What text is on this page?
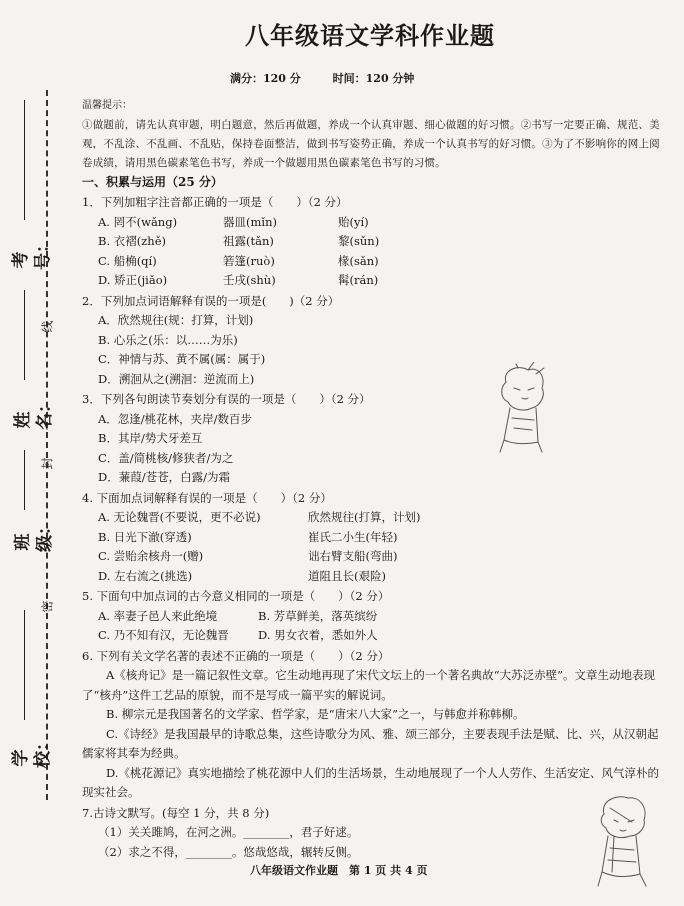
考号：
姓名：
班级：
学校：
线
封
密
八年级语文学科作业题
满分：120 分	时间：120 分钟
温馨提示：
①做题前，请先认真审题，明白题意，然后再做题，养成一个认真审题、细心做题的好习惯。②书写一定要正确、规范、美观，不乱涂、不乱画、不乱贴，保持卷面整洁，做到书写姿势正确，养成一个认真书写的好习惯。③为了不影响你的网上阅卷成绩，请用黑色碳素笔色书写，养成一个做题用黑色碳素笔色书写的习惯。
一、积累与运用（25 分）
1．下列加粗字注音都正确的一项是（　　）（2 分）
A. 罔不(wǎng)	器皿(mǐn)	贻(yí)
B. 衣褶(zhě)	祖露(tǎn)	黎(sǔn)
C. 船桷(qí)	箬篷(ruò)	椽(sǎn)
D. 矫正(jiǎo)	壬戌(shù)	髯(rán)
2．下列加点词语解释有误的一项是(　　)（2 分）
A．欣然规往(规：打算，计划)
B. 心乐之(乐：以……为乐)
C．神情与苏、黄不属(属：属于)
D．溯洄从之(溯洄：逆流而上)
3．下列各句朗读节奏划分有误的一项是（　　）（2 分）
A．忽逢/桃花林，夹岸/数百步
B．其岸/势犬牙差互
C．盖/简桃核/修狭者/为之
D．蒹葭/苍苍，白露/为霜
4. 下面加点词解释有误的一项是（　　）（2 分）
A. 无论魏晋(不要说，更不必说)	欣然规往(打算，计划)
B. 日光下澈(穿透)	崔氏二小生(年轻)
C. 尝贻余核舟一(赠)	诎右臂支船(弯曲)
D. 左右流之(挑选)	道阻且长(艰险)
5. 下面句中加点词的古今意义相同的一项是（　　）（2 分）
A. 率妻子邑人来此绝境	B. 芳草鲜美，落英缤纷
C. 乃不知有汉，无论魏晋	D. 男女衣着，悉如外人
6. 下列有关文学名著的表述不正确的一项是（　　）（2 分）
A《核舟记》是一篇记叙性文章。它生动地再现了宋代文坛上的一个著名典故“大苏泛赤壁”。文章生动地表现了“核舟”这件工艺品的原貌，而不是写成一篇平实的解说词。
B. 柳宗元是我国著名的文学家、哲学家，是“唐宋八大家”之一，与韩愈并称韩柳。
C.《诗经》是我国最早的诗歌总集，这些诗歌分为风、雅、颂三部分，主要表现手法是赋、比、兴，从汉朝起儒家将其奉为经典。
D.《桃花源记》真实地描绘了桃花源中人们的生活场景，生动地展现了一个人人劳作、生活安定、风气淳朴的现实社会。
7.古诗文默写。(每空 1 分，共 8 分)
（1）关关雎鸠，在河之洲。________，君子好逑。
（2）求之不得，________。悠哉悠哉，辗转反侧。
八年级语文作业题　第 1 页 共 4 页
